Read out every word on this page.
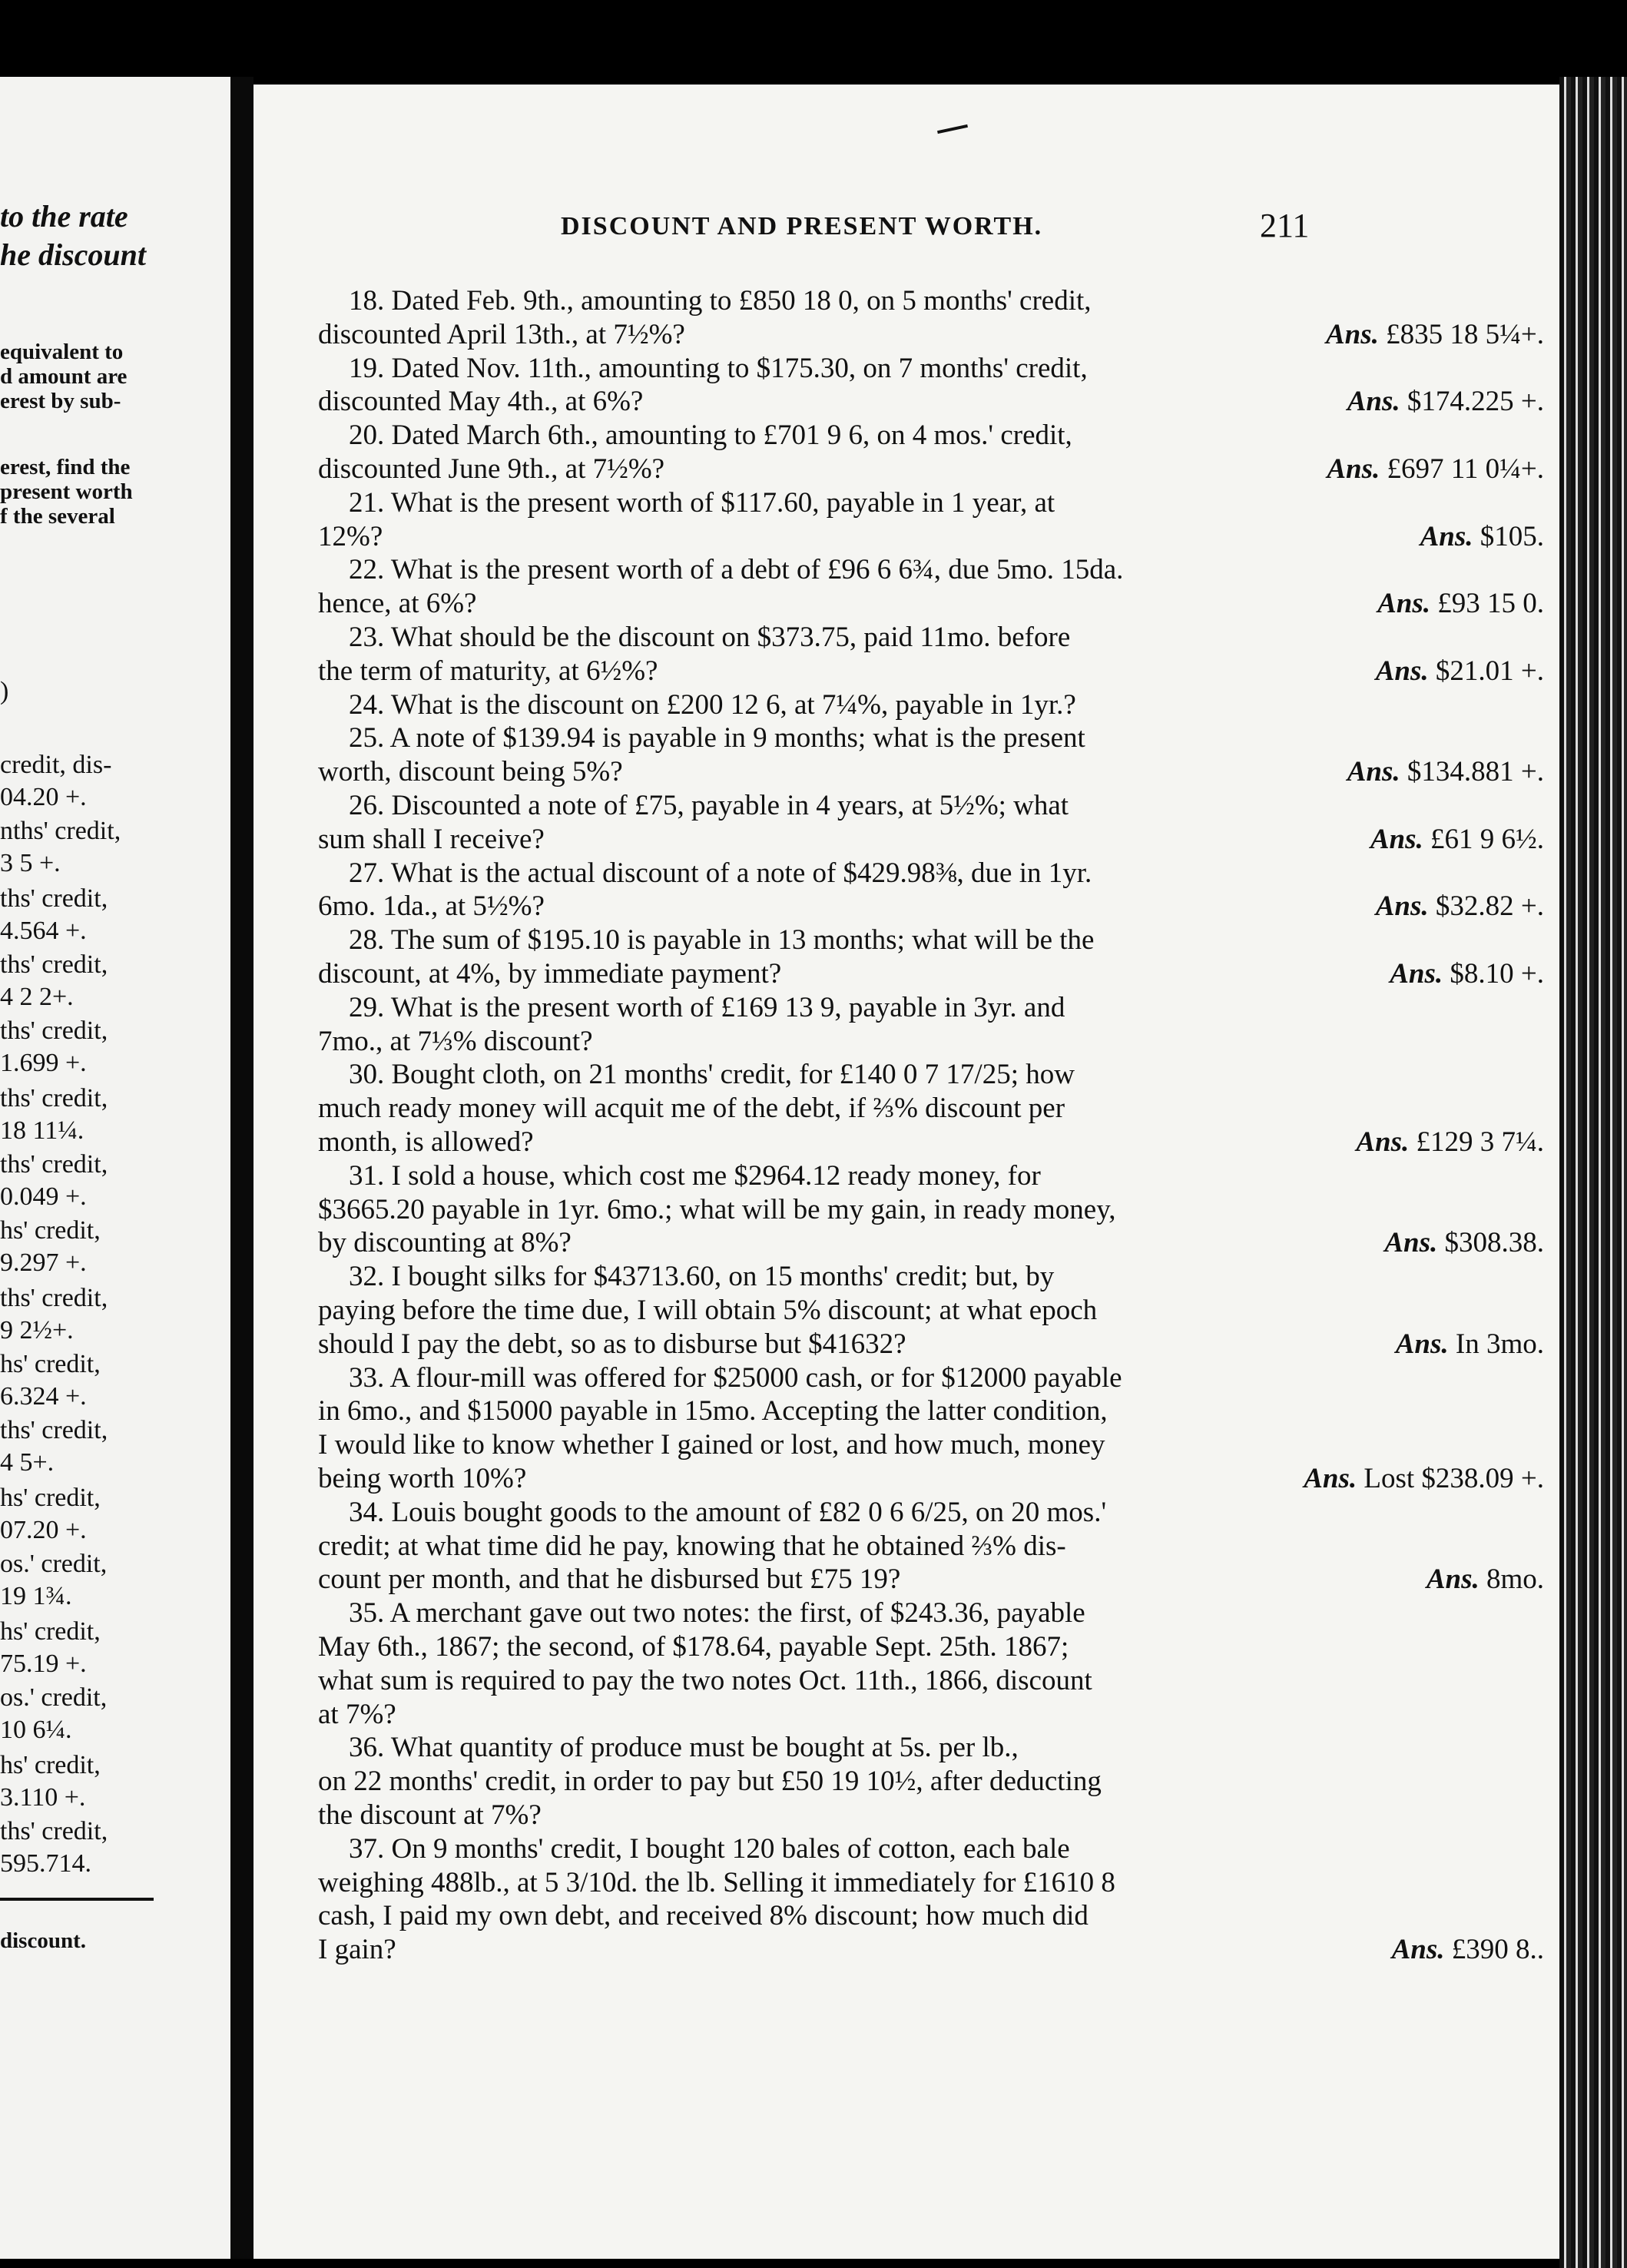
to the rate
he discount
equivalent to
d amount are
erest by sub-
erest, find the
present worth
f the several
)
credit, dis-
04.20 +.
nths' credit,
3 5 +.
ths' credit,
4.564 +.
ths' credit,
4 2 2+.
ths' credit,
1.699 +.
ths' credit,
18 11¼.
ths' credit,
0.049 +.
hs' credit,
9.297 +.
ths' credit,
9 2½+.
hs' credit,
6.324 +.
ths' credit,
4 5+.
hs' credit,
07.20 +.
os.' credit,
19 1¾.
hs' credit,
75.19 +.
os.' credit,
10 6¼.
hs' credit,
3.110 +.
ths' credit,
595.714.
discount.
DISCOUNT AND PRESENT WORTH.	211
18. Dated Feb. 9th., amounting to £850 18 0, on 5 months' credit,
discounted April 13th., at 7½%?	Ans. £835 18 5¼+.
19. Dated Nov. 11th., amounting to $175.30, on 7 months' credit,
discounted May 4th., at 6%?	Ans. $174.225 +.
20. Dated March 6th., amounting to £701 9 6, on 4 mos.' credit,
discounted June 9th., at 7½%?	Ans. £697 11 0¼+.
21. What is the present worth of $117.60, payable in 1 year, at
12%?	Ans. $105.
22. What is the present worth of a debt of £96 6 6¾, due 5mo. 15da.
hence, at 6%?	Ans. £93 15 0.
23. What should be the discount on $373.75, paid 11mo. before
the term of maturity, at 6½%?	Ans. $21.01 +.
24. What is the discount on £200 12 6, at 7¼%, payable in 1yr.?
25. A note of $139.94 is payable in 9 months; what is the present
worth, discount being 5%?	Ans. $134.881 +.
26. Discounted a note of £75, payable in 4 years, at 5½%; what
sum shall I receive?	Ans. £61 9 6½.
27. What is the actual discount of a note of $429.98⅜, due in 1yr.
6mo. 1da., at 5½%?	Ans. $32.82 +.
28. The sum of $195.10 is payable in 13 months; what will be the
discount, at 4%, by immediate payment?	Ans. $8.10 +.
29. What is the present worth of £169 13 9, payable in 3yr. and
7mo., at 7⅓% discount?
30. Bought cloth, on 21 months' credit, for £140 0 7 17/25; how
much ready money will acquit me of the debt, if ⅔% discount per
month, is allowed?	Ans. £129 3 7¼.
31. I sold a house, which cost me $2964.12 ready money, for
$3665.20 payable in 1yr. 6mo.; what will be my gain, in ready money,
by discounting at 8%?	Ans. $308.38.
32. I bought silks for $43713.60, on 15 months' credit; but, by
paying before the time due, I will obtain 5% discount; at what epoch
should I pay the debt, so as to disburse but $41632?	Ans. In 3mo.
33. A flour-mill was offered for $25000 cash, or for $12000 payable
in 6mo., and $15000 payable in 15mo. Accepting the latter condition,
I would like to know whether I gained or lost, and how much, money
being worth 10%?	Ans. Lost $238.09 +.
34. Louis bought goods to the amount of £82 0 6 6/25, on 20 mos.'
credit; at what time did he pay, knowing that he obtained ⅔% dis-
count per month, and that he disbursed but £75 19?	Ans. 8mo.
35. A merchant gave out two notes: the first, of $243.36, payable
May 6th., 1867; the second, of $178.64, payable Sept. 25th. 1867;
what sum is required to pay the two notes Oct. 11th., 1866, discount
at 7%?
36. What quantity of produce must be bought at 5s. per lb.,
on 22 months' credit, in order to pay but £50 19 10½, after deducting
the discount at 7%?
37. On 9 months' credit, I bought 120 bales of cotton, each bale
weighing 488lb., at 5 3/10d. the lb. Selling it immediately for £1610 8
cash, I paid my own debt, and received 8% discount; how much did
I gain?	Ans. £390 8..
